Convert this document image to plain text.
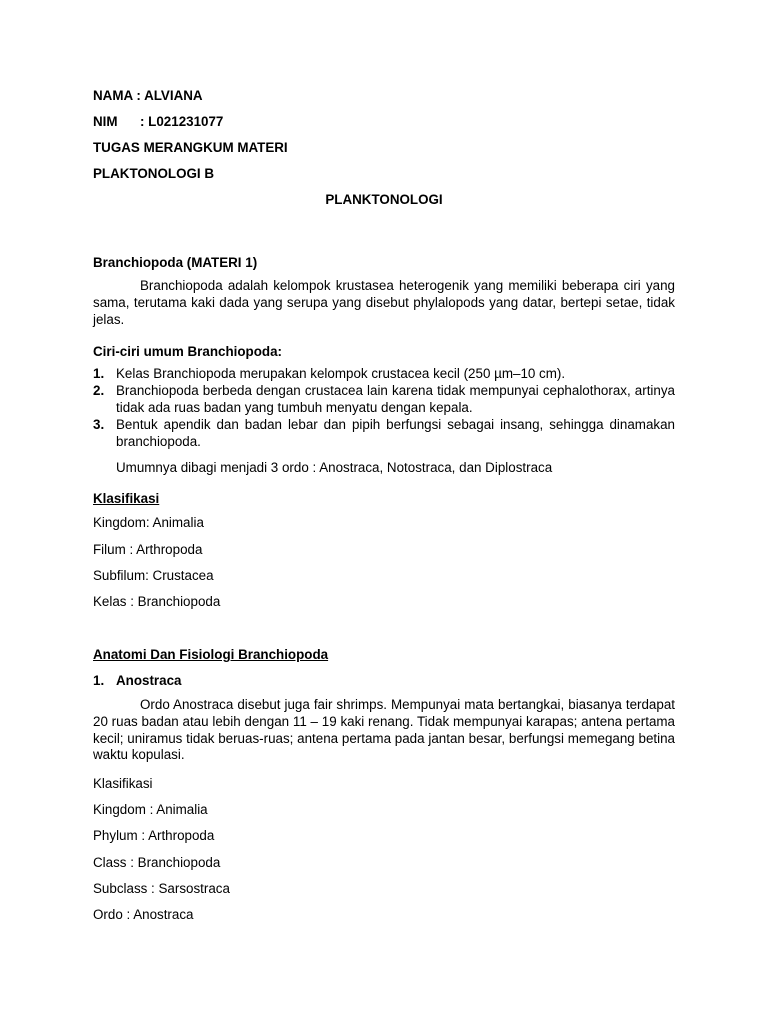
NAMA : ALVIANA
NIM : L021231077
TUGAS MERANGKUM MATERI
PLAKTONOLOGI B
PLANKTONOLOGI
Branchiopoda (MATERI 1)
Branchiopoda adalah kelompok krustasea heterogenik yang memiliki beberapa ciri yang sama, terutama kaki dada yang serupa yang disebut phylalopods yang datar, bertepi setae, tidak jelas.
Ciri-ciri umum Branchiopoda:
1. Kelas Branchiopoda merupakan kelompok crustacea kecil (250 µm–10 cm).
2. Branchiopoda berbeda dengan crustacea lain karena tidak mempunyai cephalothorax, artinya tidak ada ruas badan yang tumbuh menyatu dengan kepala.
3. Bentuk apendik dan badan lebar dan pipih berfungsi sebagai insang, sehingga dinamakan branchiopoda.
Umumnya dibagi menjadi 3 ordo : Anostraca, Notostraca, dan Diplostraca
Klasifikasi
Kingdom: Animalia
Filum : Arthropoda
Subfilum: Crustacea
Kelas : Branchiopoda
Anatomi Dan Fisiologi Branchiopoda
1. Anostraca
Ordo Anostraca disebut juga fair shrimps. Mempunyai mata bertangkai, biasanya terdapat 20 ruas badan atau lebih dengan 11 – 19 kaki renang. Tidak mempunyai karapas; antena pertama kecil; uniramus tidak beruas-ruas; antena pertama pada jantan besar, berfungsi memegang betina waktu kopulasi.
Klasifikasi
Kingdom : Animalia
Phylum : Arthropoda
Class : Branchiopoda
Subclass : Sarsostraca
Ordo : Anostraca
